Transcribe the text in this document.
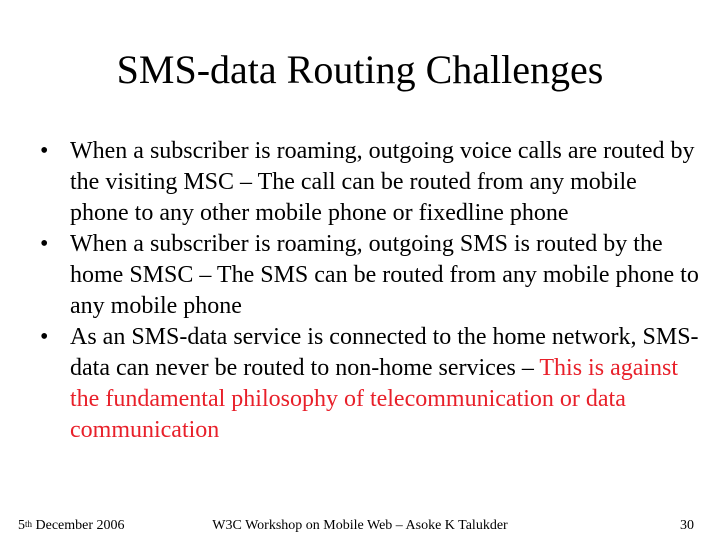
SMS-data Routing Challenges
• When a subscriber is roaming, outgoing voice calls are routed by the visiting MSC – The call can be routed from any mobile phone to any other mobile phone or fixedline phone
• When a subscriber is roaming, outgoing SMS is routed by the home SMSC – The SMS can be routed from any mobile phone to any mobile phone
• As an SMS-data service is connected to the home network, SMS-data can never be routed to non-home services – This is against the fundamental philosophy of telecommunication or data communication
5th December 2006	W3C Workshop on Mobile Web – Asoke K Talukder	30
